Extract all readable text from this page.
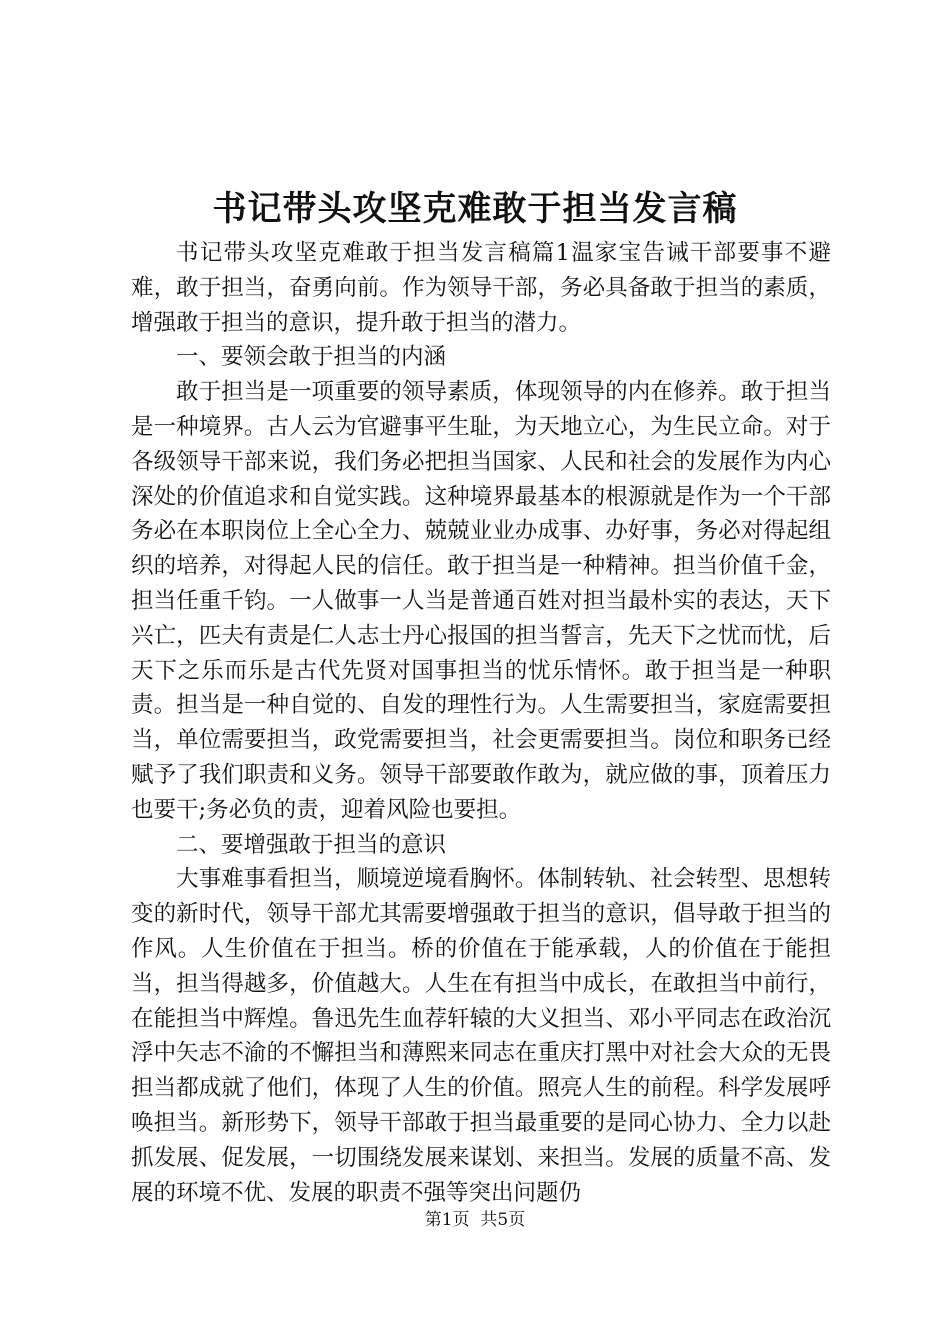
书记带头攻坚克难敢于担当发言稿

书记带头攻坚克难敢于担当发言稿篇1温家宝告诫干部要事不避难，敢于担当，奋勇向前。作为领导干部，务必具备敢于担当的素质，增强敢于担当的意识，提升敢于担当的潜力。

一、要领会敢于担当的内涵

敢于担当是一项重要的领导素质，体现领导的内在修养。敢于担当是一种境界。古人云为官避事平生耻，为天地立心，为生民立命。对于各级领导干部来说，我们务必把担当国家、人民和社会的发展作为内心深处的价值追求和自觉实践。这种境界最基本的根源就是作为一个干部务必在本职岗位上全心全力、兢兢业业办成事、办好事，务必对得起组织的培养，对得起人民的信任。敢于担当是一种精神。担当价值千金，担当任重千钧。一人做事一人当是普通百姓对担当最朴实的表达，天下兴亡，匹夫有责是仁人志士丹心报国的担当誓言，先天下之忧而忧，后天下之乐而乐是古代先贤对国事担当的忧乐情怀。敢于担当是一种职责。担当是一种自觉的、自发的理性行为。人生需要担当，家庭需要担当，单位需要担当，政党需要担当，社会更需要担当。岗位和职务已经赋予了我们职责和义务。领导干部要敢作敢为，就应做的事，顶着压力也要干;务必负的责，迎着风险也要担。

二、要增强敢于担当的意识

大事难事看担当，顺境逆境看胸怀。体制转轨、社会转型、思想转变的新时代，领导干部尤其需要增强敢于担当的意识，倡导敢于担当的作风。人生价值在于担当。桥的价值在于能承载，人的价值在于能担当，担当得越多，价值越大。人生在有担当中成长，在敢担当中前行，在能担当中辉煌。鲁迅先生血荐轩辕的大义担当、邓小平同志在政治沉浮中矢志不渝的不懈担当和薄熙来同志在重庆打黑中对社会大众的无畏担当都成就了他们，体现了人生的价值。照亮人生的前程。科学发展呼唤担当。新形势下，领导干部敢于担当最重要的是同心协力、全力以赴抓发展、促发展，一切围绕发展来谋划、来担当。发展的质量不高、发展的环境不优、发展的职责不强等突出问题仍

第1页 共5页
